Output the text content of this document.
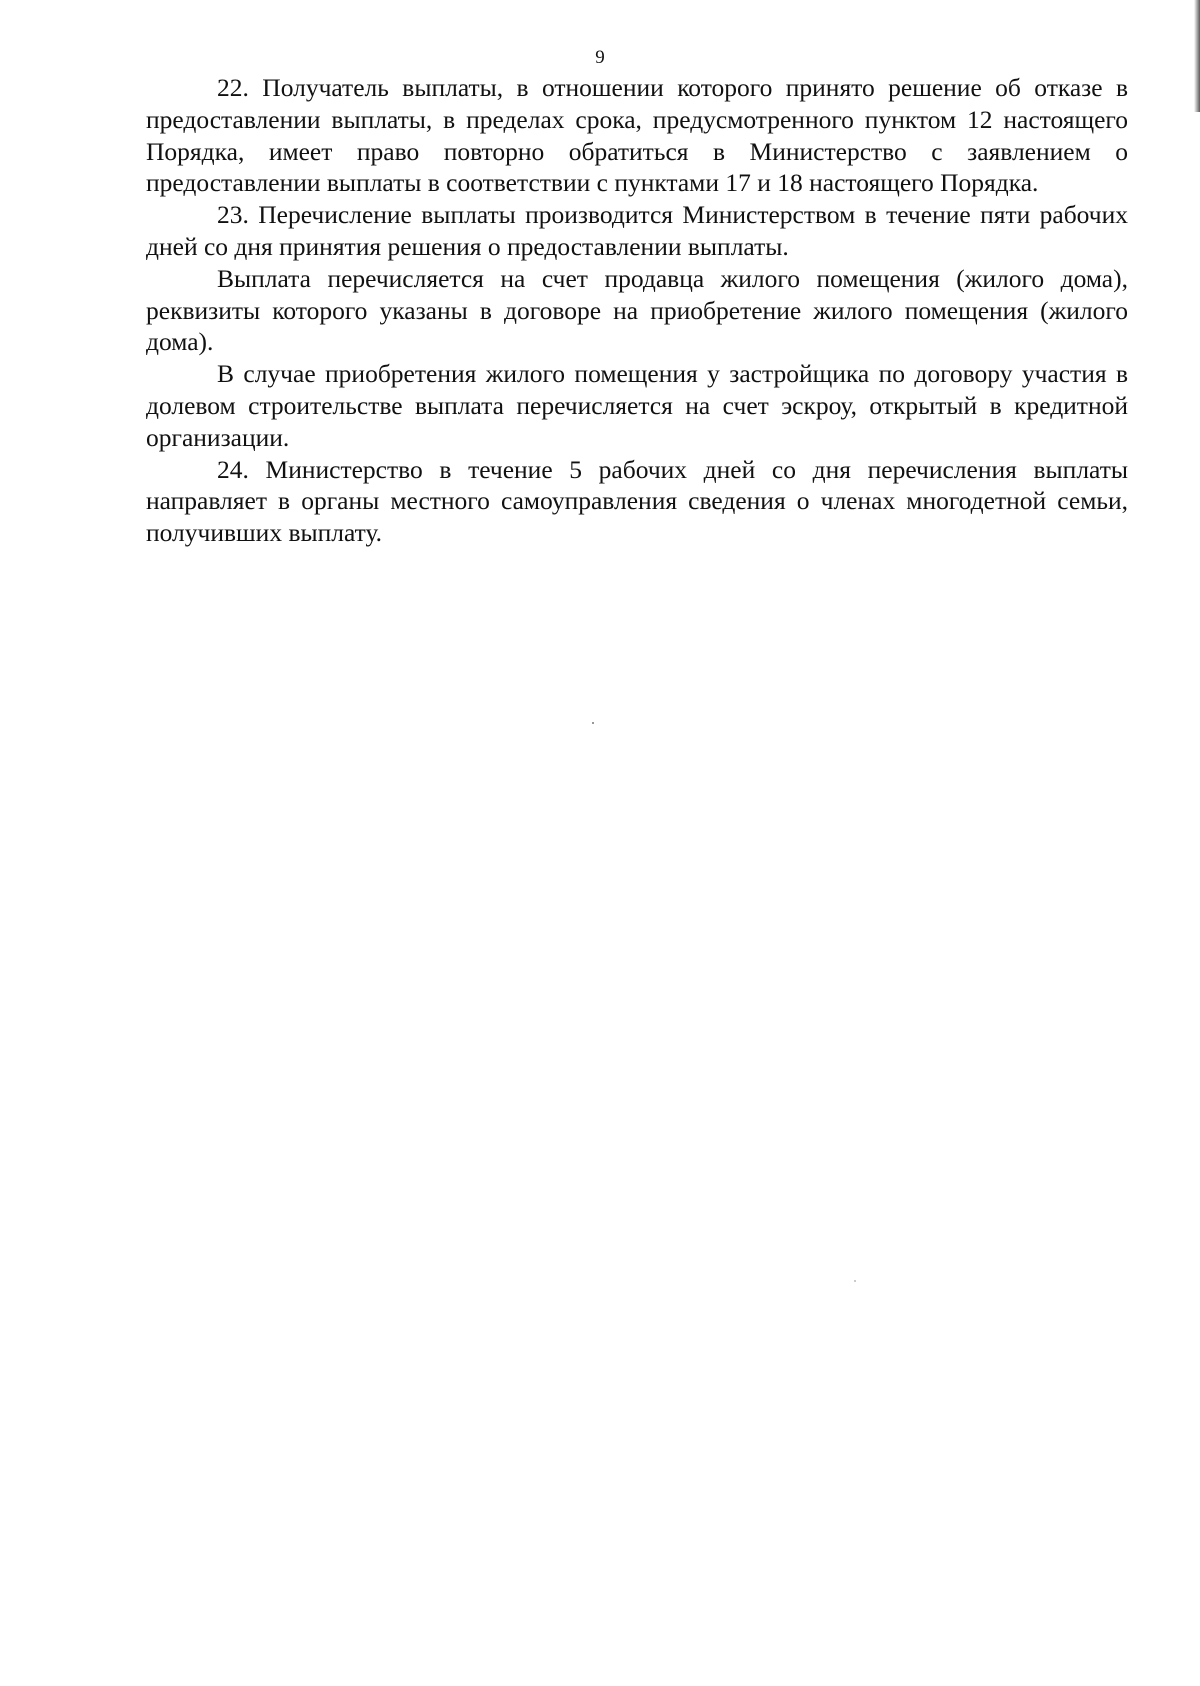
9

22. Получатель выплаты, в отношении которого принято решение об отказе в предоставлении выплаты, в пределах срока, предусмотренного пунктом 12 настоящего Порядка, имеет право повторно обратиться в Министерство с заявлением о предоставлении выплаты в соответствии с пунктами 17 и 18 настоящего Порядка.

23. Перечисление выплаты производится Министерством в течение пяти рабочих дней со дня принятия решения о предоставлении выплаты.

Выплата перечисляется на счет продавца жилого помещения (жилого дома), реквизиты которого указаны в договоре на приобретение жилого помещения (жилого дома).

В случае приобретения жилого помещения у застройщика по договору участия в долевом строительстве выплата перечисляется на счет эскроу, открытый в кредитной организации.

24. Министерство в течение 5 рабочих дней со дня перечисления выплаты направляет в органы местного самоуправления сведения о членах многодетной семьи, получивших выплату.
